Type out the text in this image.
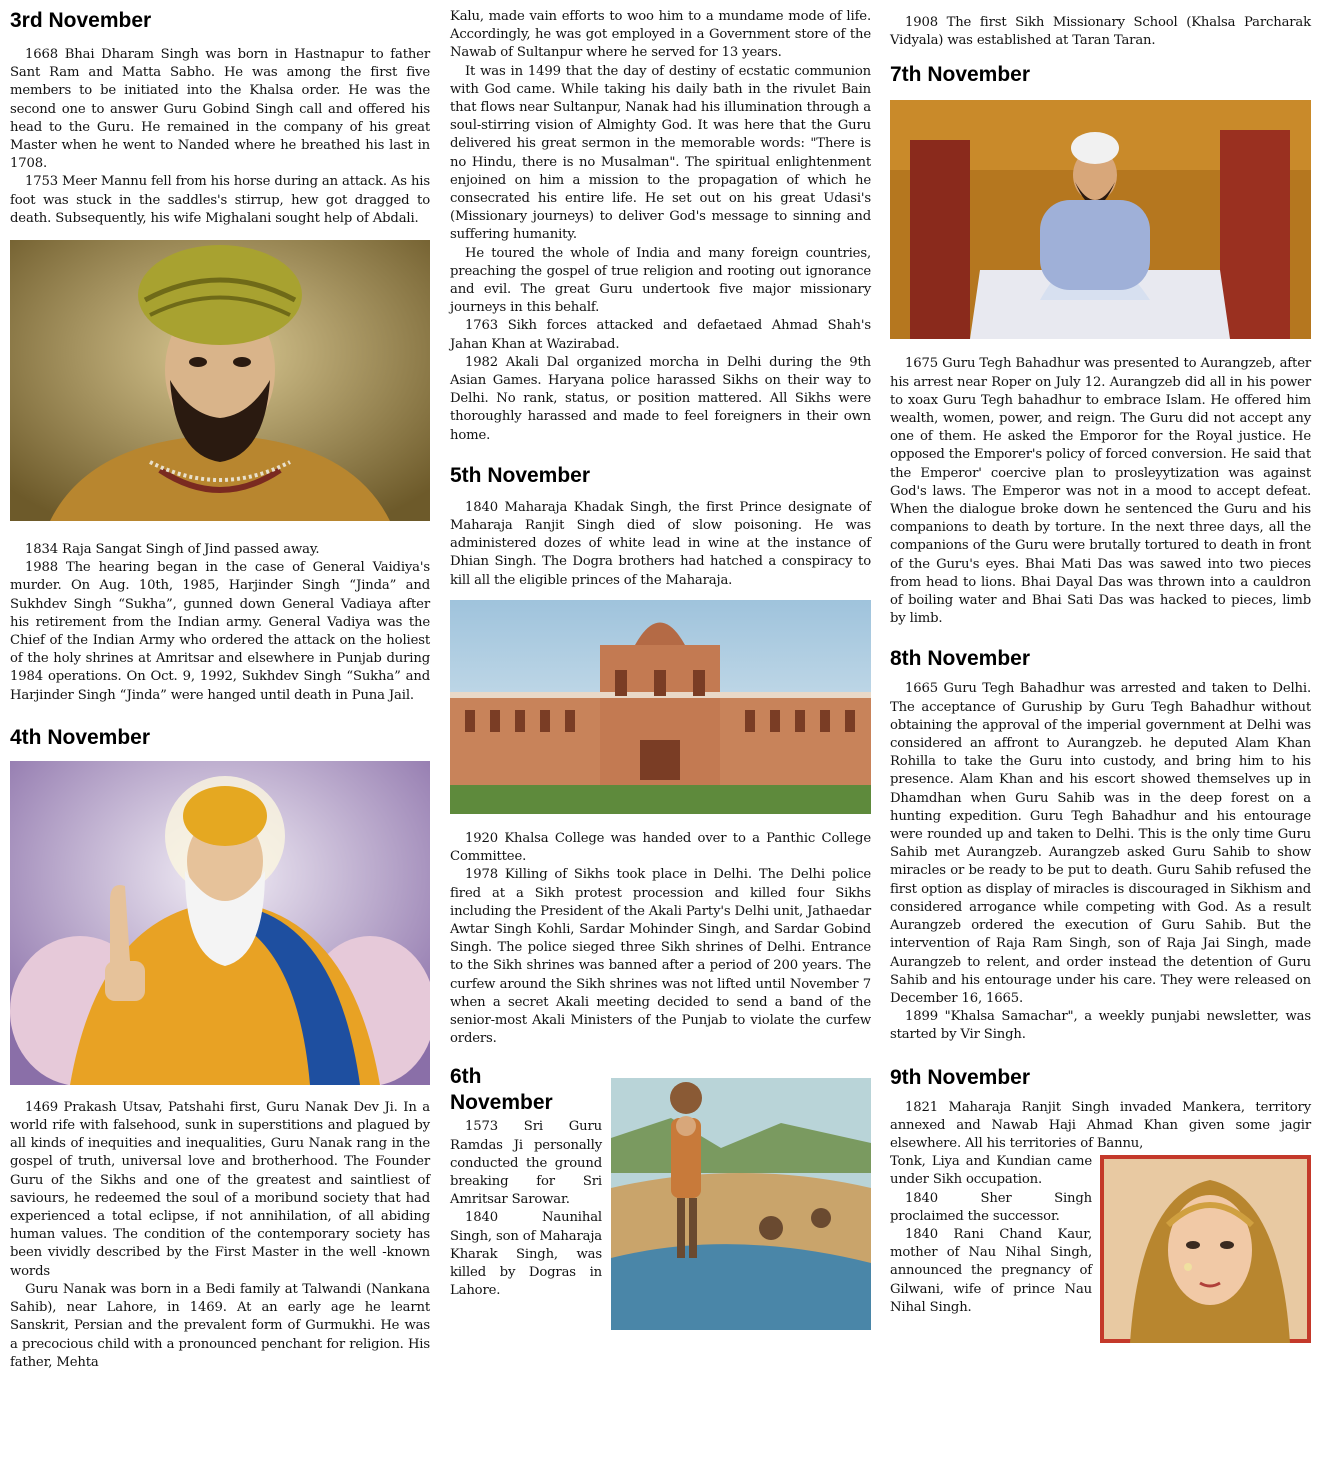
3rd November

1668 Bhai Dharam Singh was born in Hastnapur to father Sant Ram and Matta Sabho. He was among the first five members to be initiated into the Khalsa order. He was the second one to answer Guru Gobind Singh call and offered his head to the Guru. He remained in the company of his great Master when he went to Nanded where he breathed his last in 1708.

1753 Meer Mannu fell from his horse during an attack. As his foot was stuck in the saddles's stirrup, hew got dragged to death. Subsequently, his wife Mighalani sought help of Abdali.

1834 Raja Sangat Singh of Jind passed away.

1988 The hearing began in the case of General Vaidiya's murder. On Aug. 10th, 1985, Harjinder Singh “Jinda” and Sukhdev Singh “Sukha”, gunned down General Vadiaya after his retirement from the Indian army. General Vadiya was the Chief of the Indian Army who ordered the attack on the holiest of the holy shrines at Amritsar and elsewhere in Punjab during 1984 operations. On Oct. 9, 1992, Sukhdev Singh “Sukha” and Harjinder Singh “Jinda” were hanged until death in Puna Jail.

4th November

1469 Prakash Utsav, Patshahi first, Guru Nanak Dev Ji. In a world rife with falsehood, sunk in superstitions and plagued by all kinds of inequities and inequalities, Guru Nanak rang in the gospel of truth, universal love and brotherhood. The Founder Guru of the Sikhs and one of the greatest and saintliest of saviours, he redeemed the soul of a moribund society that had experienced a total eclipse, if not annihilation, of all abiding human values. The condition of the contemporary society has been vividly described by the First Master in the well -known words

Guru Nanak was born in a Bedi family at Talwandi (Nankana Sahib), near Lahore, in 1469. At an early age he learnt Sanskrit, Persian and the prevalent form of Gurmukhi. He was a precocious child with a pronounced penchant for religion. His father, Mehta

Kalu, made vain efforts to woo him to a mundame mode of life. Accordingly, he was got employed in a Government store of the Nawab of Sultanpur where he served for 13 years.

It was in 1499 that the day of destiny of ecstatic communion with God came. While taking his daily bath in the rivulet Bain that flows near Sultanpur, Nanak had his illumination through a soul-stirring vision of Almighty God. It was here that the Guru delivered his great sermon in the memorable words: "There is no Hindu, there is no Musalman". The spiritual enlightenment enjoined on him a mission to the propagation of which he consecrated his entire life. He set out on his great Udasi's (Missionary journeys) to deliver God's message to sinning and suffering humanity.

He toured the whole of India and many foreign countries, preaching the gospel of true religion and rooting out ignorance and evil. The great Guru undertook five major missionary journeys in this behalf.

1763 Sikh forces attacked and defaetaed Ahmad Shah's Jahan Khan at Wazirabad.

1982 Akali Dal organized morcha in Delhi during the 9th Asian Games. Haryana police harassed Sikhs on their way to Delhi. No rank, status, or position mattered. All Sikhs were thoroughly harassed and made to feel foreigners in their own home.

5th November

1840 Maharaja Khadak Singh, the first Prince designate of Maharaja Ranjit Singh died of slow poisoning. He was administered dozes of white lead in wine at the instance of Dhian Singh. The Dogra brothers had hatched a conspiracy to kill all the eligible princes of the Maharaja.

1920 Khalsa College was handed over to a Panthic College Committee.

1978 Killing of Sikhs took place in Delhi. The Delhi police fired at a Sikh protest procession and killed four Sikhs including the President of the Akali Party's Delhi unit, Jathaedar Awtar Singh Kohli, Sardar Mohinder Singh, and Sardar Gobind Singh. The police sieged three Sikh shrines of Delhi. Entrance to the Sikh shrines was banned after a period of 200 years. The curfew around the Sikh shrines was not lifted until November 7 when a secret Akali meeting decided to send a band of the senior-most Akali Ministers of the Punjab to violate the curfew orders.

6th
November

1573 Sri Guru Ramdas Ji personally conducted the ground breaking for Sri Amritsar Sarowar.

1840 Naunihal Singh, son of Maharaja Kharak Singh, was killed by Dogras in Lahore.

1908 The first Sikh Missionary School (Khalsa Parcharak Vidyala) was established at Taran Taran.

7th November

1675 Guru Tegh Bahadhur was presented to Aurangzeb, after his arrest near Roper on July 12. Aurangzeb did all in his power to xoax Guru Tegh bahadhur to embrace Islam. He offered him wealth, women, power, and reign. The Guru did not accept any one of them. He asked the Emporor for the Royal justice. He opposed the Emporer's policy of forced conversion. He said that the Emperor' coercive plan to prosleyytization was against God's laws. The Emperor was not in a mood to accept defeat. When the dialogue broke down he sentenced the Guru and his companions to death by torture. In the next three days, all the companions of the Guru were brutally tortured to death in front of the Guru's eyes. Bhai Mati Das was sawed into two pieces from head to lions. Bhai Dayal Das was thrown into a cauldron of boiling water and Bhai Sati Das was hacked to pieces, limb by limb.

8th November

1665 Guru Tegh Bahadhur was arrested and taken to Delhi. The acceptance of Guruship by Guru Tegh Bahadhur without obtaining the approval of the imperial government at Delhi was considered an affront to Aurangzeb. he deputed Alam Khan Rohilla to take the Guru into custody, and bring him to his presence. Alam Khan and his escort showed themselves up in Dhamdhan when Guru Sahib was in the deep forest on a hunting expedition. Guru Tegh Bahadhur and his entourage were rounded up and taken to Delhi. This is the only time Guru Sahib met Aurangzeb. Aurangzeb asked Guru Sahib to show miracles or be ready to be put to death. Guru Sahib refused the first option as display of miracles is discouraged in Sikhism and considered arrogance while competing with God. As a result Aurangzeb ordered the execution of Guru Sahib. But the intervention of Raja Ram Singh, son of Raja Jai Singh, made Aurangzeb to relent, and order instead the detention of Guru Sahib and his entourage under his care. They were released on December 16, 1665.

1899 "Khalsa Samachar", a weekly punjabi newsletter, was started by Vir Singh.

9th November

1821 Maharaja Ranjit Singh invaded Mankera, territory annexed and Nawab Haji Ahmad Khan given some jagir elsewhere. All his territories of Bannu,

Tonk, Liya and Kundian came under Sikh occupation.

1840 Sher Singh proclaimed the successor.

1840 Rani Chand Kaur, mother of Nau Nihal Singh, announced the pregnancy of Gilwani, wife of prince Nau Nihal Singh.
